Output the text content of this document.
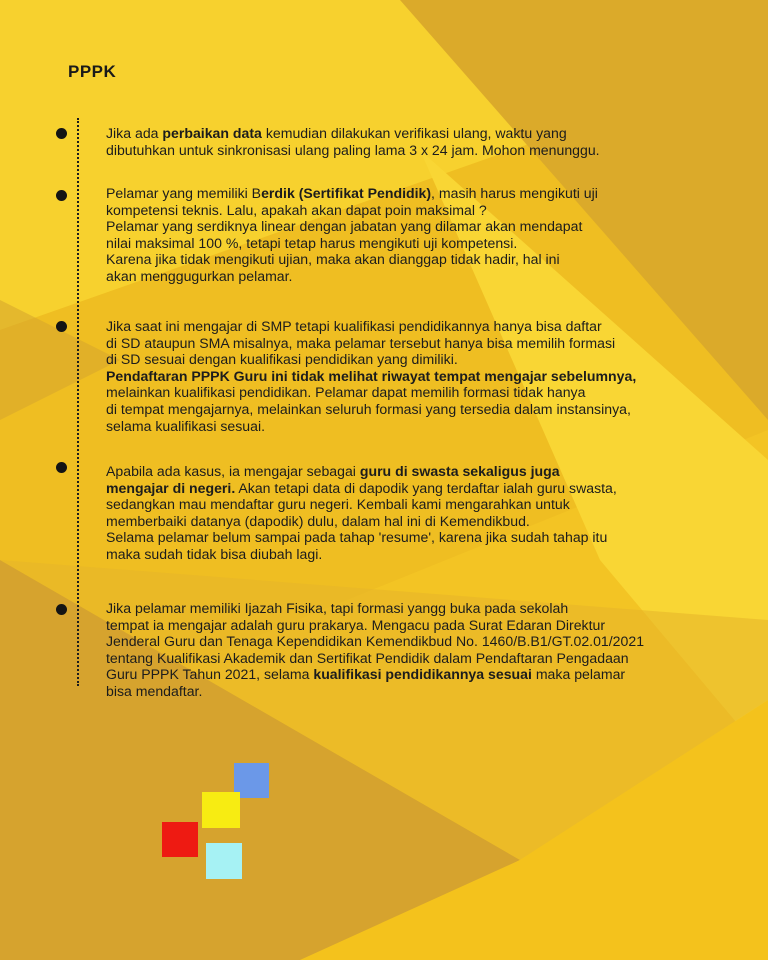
PPPK

Jika ada perbaikan data kemudian dilakukan verifikasi ulang, waktu yang

dibutuhkan untuk sinkronisasi ulang paling lama 3 x 24 jam. Mohon menunggu.

Pelamar yang memiliki Berdik (Sertifikat Pendidik), masih harus mengikuti uji

kompetensi teknis. Lalu, apakah akan dapat poin maksimal ?

Pelamar yang serdiknya linear dengan jabatan yang dilamar akan mendapat

nilai maksimal 100 %, tetapi tetap harus mengikuti uji kompetensi.

Karena jika tidak mengikuti ujian, maka akan dianggap tidak hadir, hal ini

akan menggugurkan pelamar.

Jika saat ini mengajar di SMP tetapi kualifikasi pendidikannya hanya bisa daftar

di SD ataupun SMA misalnya, maka pelamar tersebut hanya bisa memilih formasi

di SD sesuai dengan kualifikasi pendidikan yang dimiliki.

Pendaftaran PPPK Guru ini tidak melihat riwayat tempat mengajar sebelumnya,

melainkan kualifikasi pendidikan. Pelamar dapat memilih formasi tidak hanya

di tempat mengajarnya, melainkan seluruh formasi yang tersedia dalam instansinya,

selama kualifikasi sesuai.

Apabila ada kasus, ia mengajar sebagai guru di swasta sekaligus juga

mengajar di negeri. Akan tetapi data di dapodik yang terdaftar ialah guru swasta,

sedangkan mau mendaftar guru negeri. Kembali kami mengarahkan untuk

memberbaiki datanya (dapodik) dulu, dalam hal ini di Kemendikbud.

Selama pelamar belum sampai pada tahap 'resume', karena jika sudah tahap itu

maka sudah tidak bisa diubah lagi.

Jika pelamar memiliki Ijazah Fisika, tapi formasi yangg buka pada sekolah

tempat ia mengajar adalah guru prakarya. Mengacu pada Surat Edaran Direktur

Jenderal Guru dan Tenaga Kependidikan Kemendikbud No. 1460/B.B1/GT.02.01/2021

tentang Kualifikasi Akademik dan Sertifikat Pendidik dalam Pendaftaran Pengadaan

Guru PPPK Tahun 2021, selama kualifikasi pendidikannya sesuai maka pelamar

bisa mendaftar.
